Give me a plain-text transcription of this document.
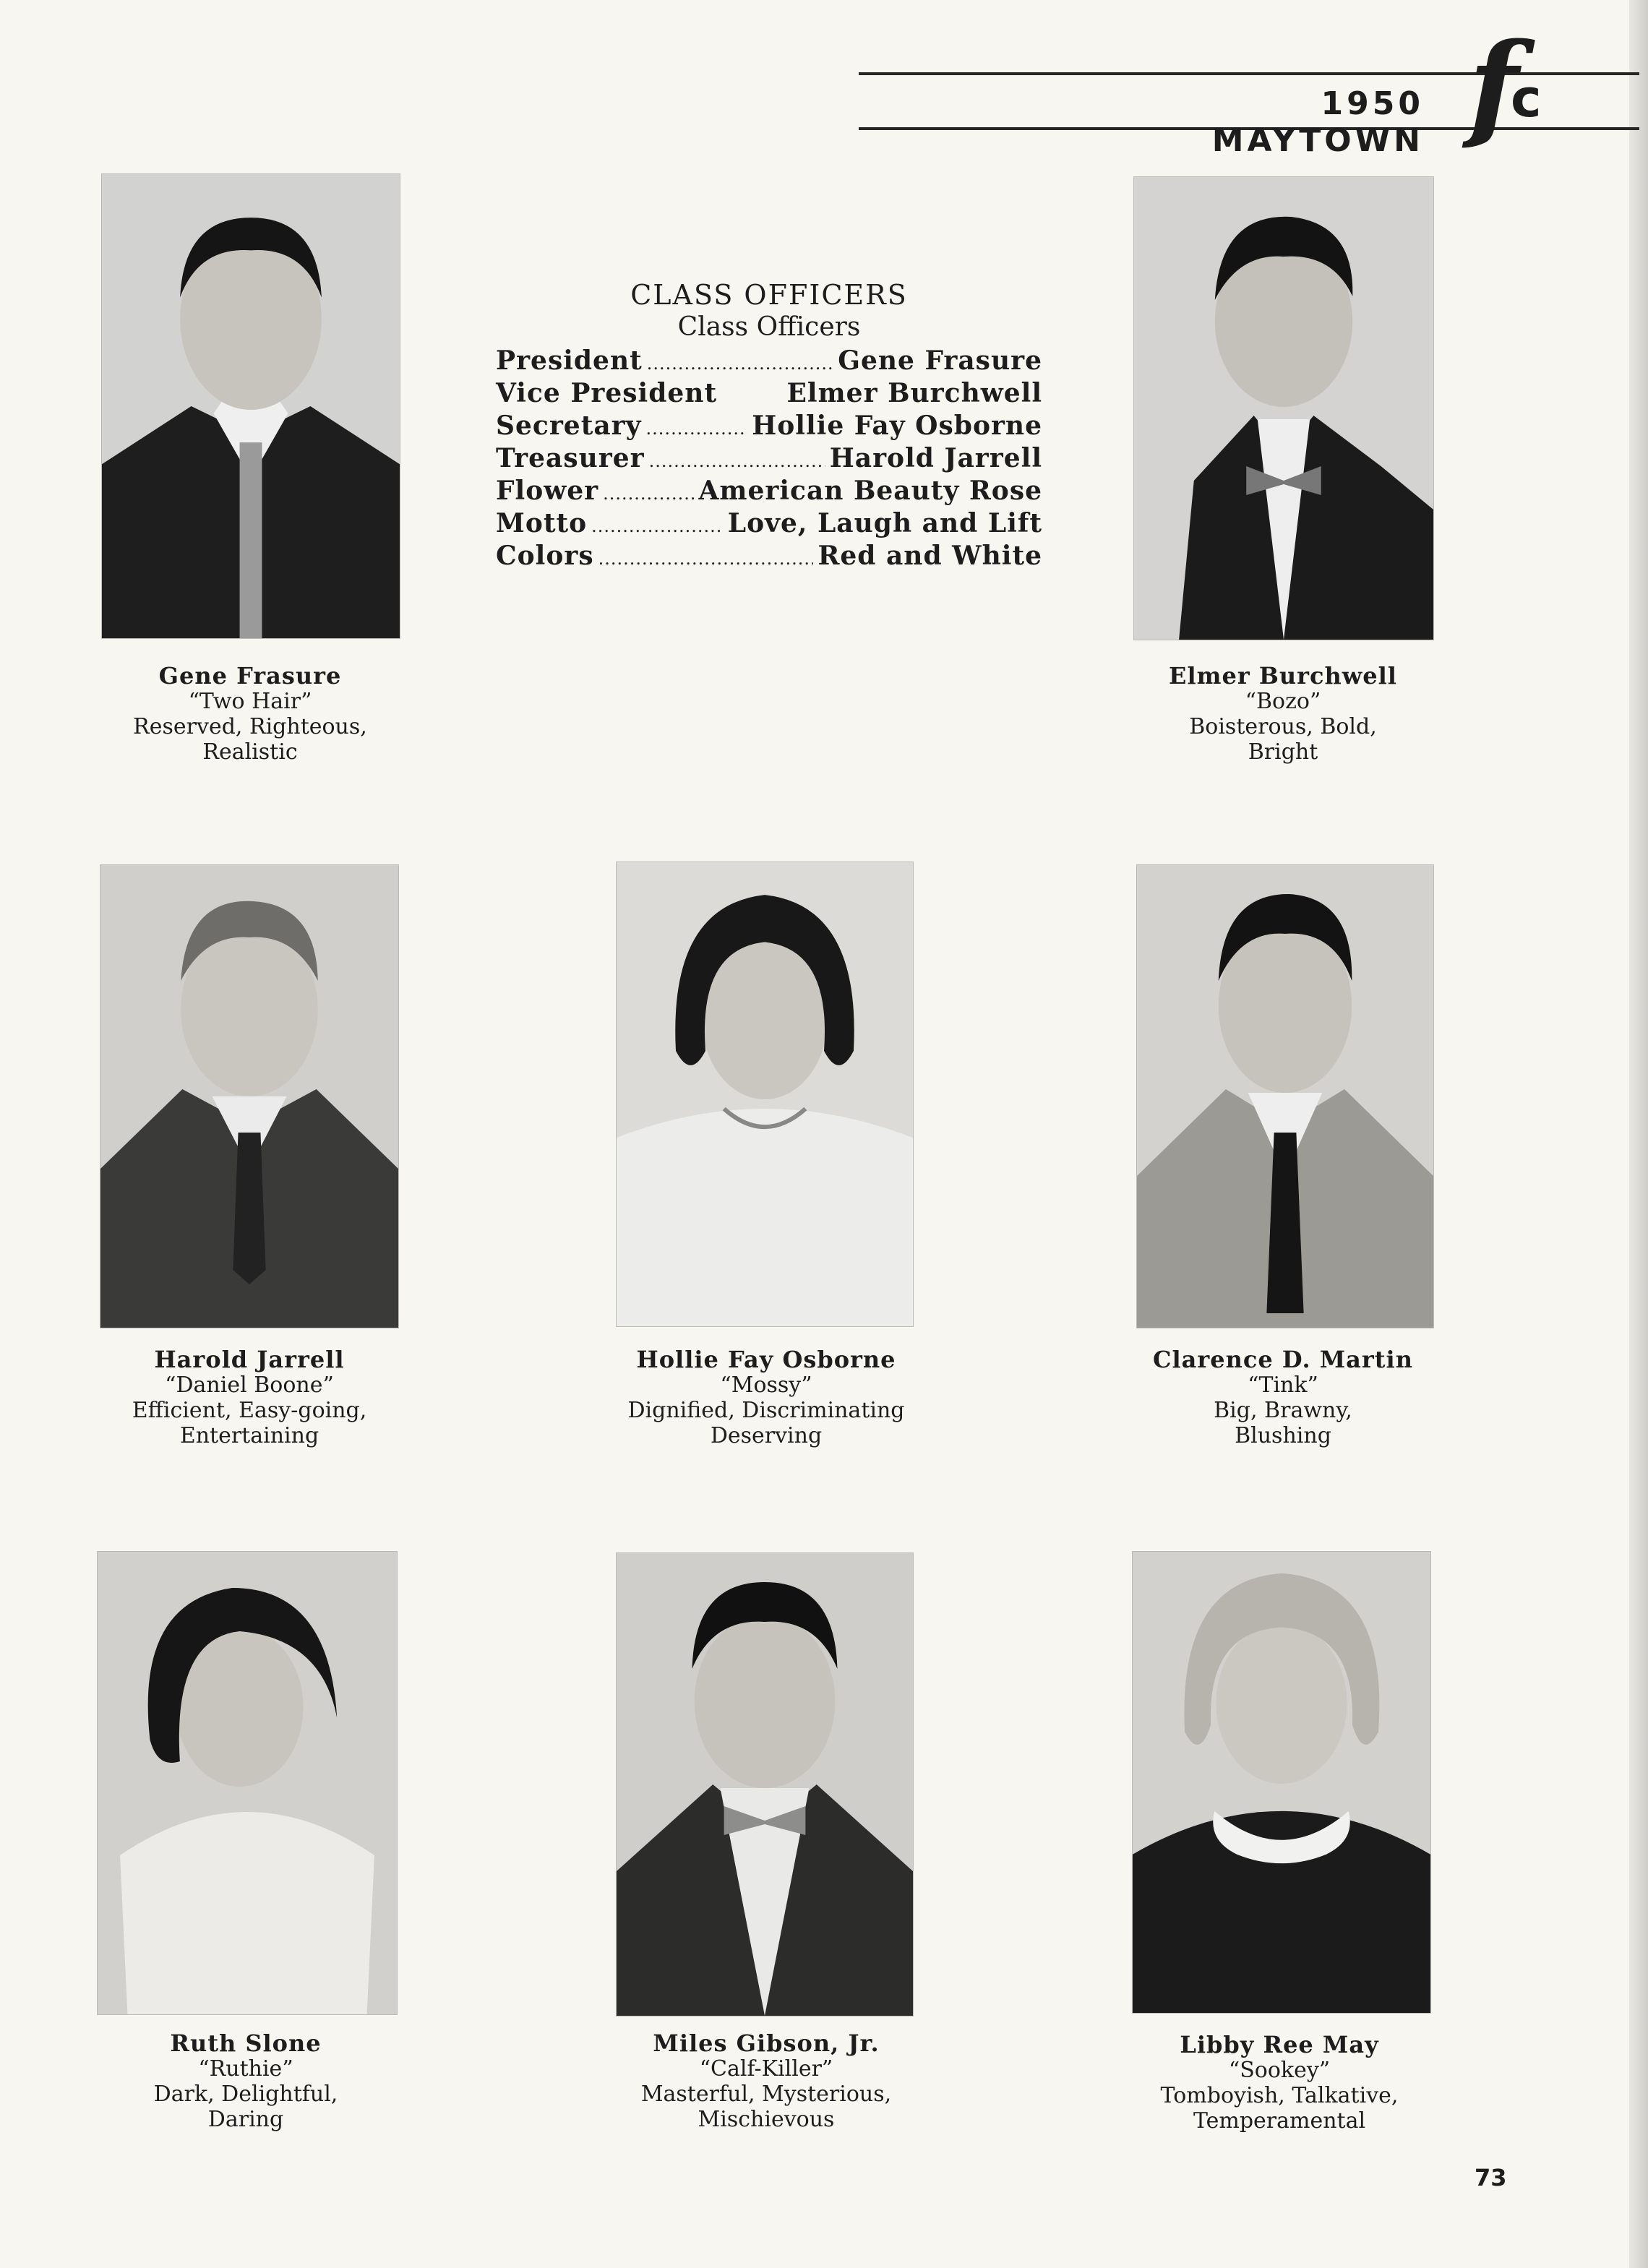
1950 MAYTOWN f
c
CLASS OFFICERS
Class Officers
President .....	Gene Frasure
Vice President	Elmer Burchwell
Secretary .....	Hollie Fay Osborne
Treasurer .....	Harold Jarrell
Flower .....	American Beauty Rose
Motto .....	Love, Laugh and Lift
Colors .....	Red and White
Gene Frasure
“Two Hair”
Reserved, Righteous,
Realistic
Elmer Burchwell
“Bozo”
Boisterous, Bold,
Bright
Harold Jarrell
“Daniel Boone”
Efficient, Easy-going,
Entertaining
Hollie Fay Osborne
“Mossy”
Dignified, Discriminating
Deserving
Clarence D. Martin
“Tink”
Big, Brawny,
Blushing
Ruth Slone
“Ruthie”
Dark, Delightful,
Daring
Miles Gibson, Jr.
“Calf-Killer”
Masterful, Mysterious,
Mischievous
Libby Ree May
“Sookey”
Tomboyish, Talkative,
Temperamental
73
